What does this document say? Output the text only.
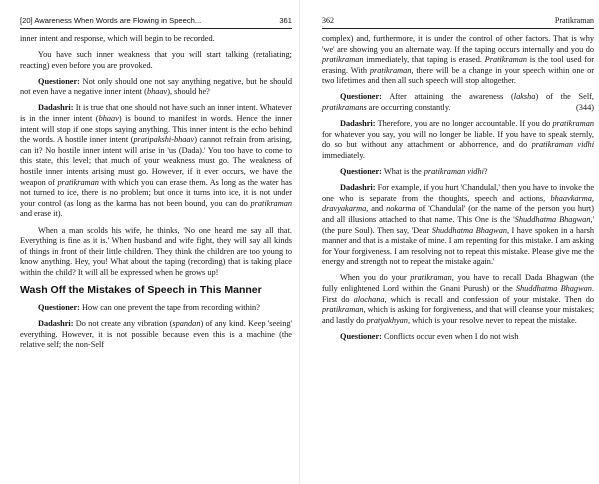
[20] Awareness When Words are Flowing in Speech...	361

inner intent and response, which will begin to be recorded.

You have such inner weakness that you will start talking (retaliating; reacting) even before you are provoked.

Questioner: Not only should one not say anything negative, but he should not even have a negative inner intent (bhaav), should he?

Dadashri: It is true that one should not have such an inner intent. Whatever is in the inner intent (bhaav) is bound to manifest in words. Hence the inner intent will stop if one stops saying anything. This inner intent is the echo behind the words. A hostile inner intent (pratipakshi-bhaav) cannot refrain from arising, can it? No hostile inner intent will arise in 'us (Dada).' You too have to come to this state, this level; that much of your weakness must go. The weakness of hostile inner intents arising must go. However, if it ever occurs, we have the weapon of pratikraman with which you can erase them. As long as the water has not turned to ice, there is no problem; but once it turns into ice, it is not under your control (as long as the karma has not been bound, you can do pratikraman and erase it).

When a man scolds his wife, he thinks, 'No one heard me say all that. Everything is fine as it is.' When husband and wife fight, they will say all kinds of things in front of their little children. They think the children are too young to know anything. Hey, you! What about the taping (recording) that is taking place within the child? It will all be expressed when he grows up!

Wash Off the Mistakes of Speech in This Manner

Questioner: How can one prevent the tape from recording within?

Dadashri: Do not create any vibration (spandan) of any kind. Keep 'seeing' everything. However, it is not possible because even this is a machine (the relative self; the non-Self

362	Pratikraman

complex) and, furthermore, it is under the control of other factors. That is why 'we' are showing you an alternate way. If the taping occurs internally and you do pratikraman immediately, that taping is erased. Pratikraman is the tool used for erasing. With pratikraman, there will be a change in your speech within one or two lifetimes and then all such speech will stop altogether.

Questioner: After attaining the awareness (laksha) of the Self, pratikramans are occurring constantly.	(344)

Dadashri: Therefore, you are no longer accountable. If you do pratikraman for whatever you say, you will no longer be liable. If you have to speak sternly, do so but without any attachment or abhorrence, and do pratikraman vidhi immediately.

Questioner: What is the pratikraman vidhi?

Dadashri: For example, if you hurt 'Chandulal,' then you have to invoke the one who is separate from the thoughts, speech and actions, bhaavkarma, dravyakarma, and nokarma of 'Chandulal' (or the name of the person you hurt) and all illusions attached to that name. This One is the 'Shuddhatma Bhagwan,' (the pure Soul). Then say, 'Dear Shuddhatma Bhagwan, I have spoken in a harsh manner and that is a mistake of mine. I am repenting for this mistake. I am asking for Your forgiveness. I am resolving not to repeat this mistake. Please give me the energy and strength not to repeat the mistake again.'

When you do your pratikraman, you have to recall Dada Bhagwan (the fully enlightened Lord within the Gnani Purush) or the Shuddhatma Bhagwan. First do alochana, which is recall and confession of your mistake. Then do pratikraman, which is asking for forgiveness, and that will cleanse your mistakes; and lastly do pratyakhyan, which is your resolve never to repeat the mistake.

Questioner: Conflicts occur even when I do not wish
